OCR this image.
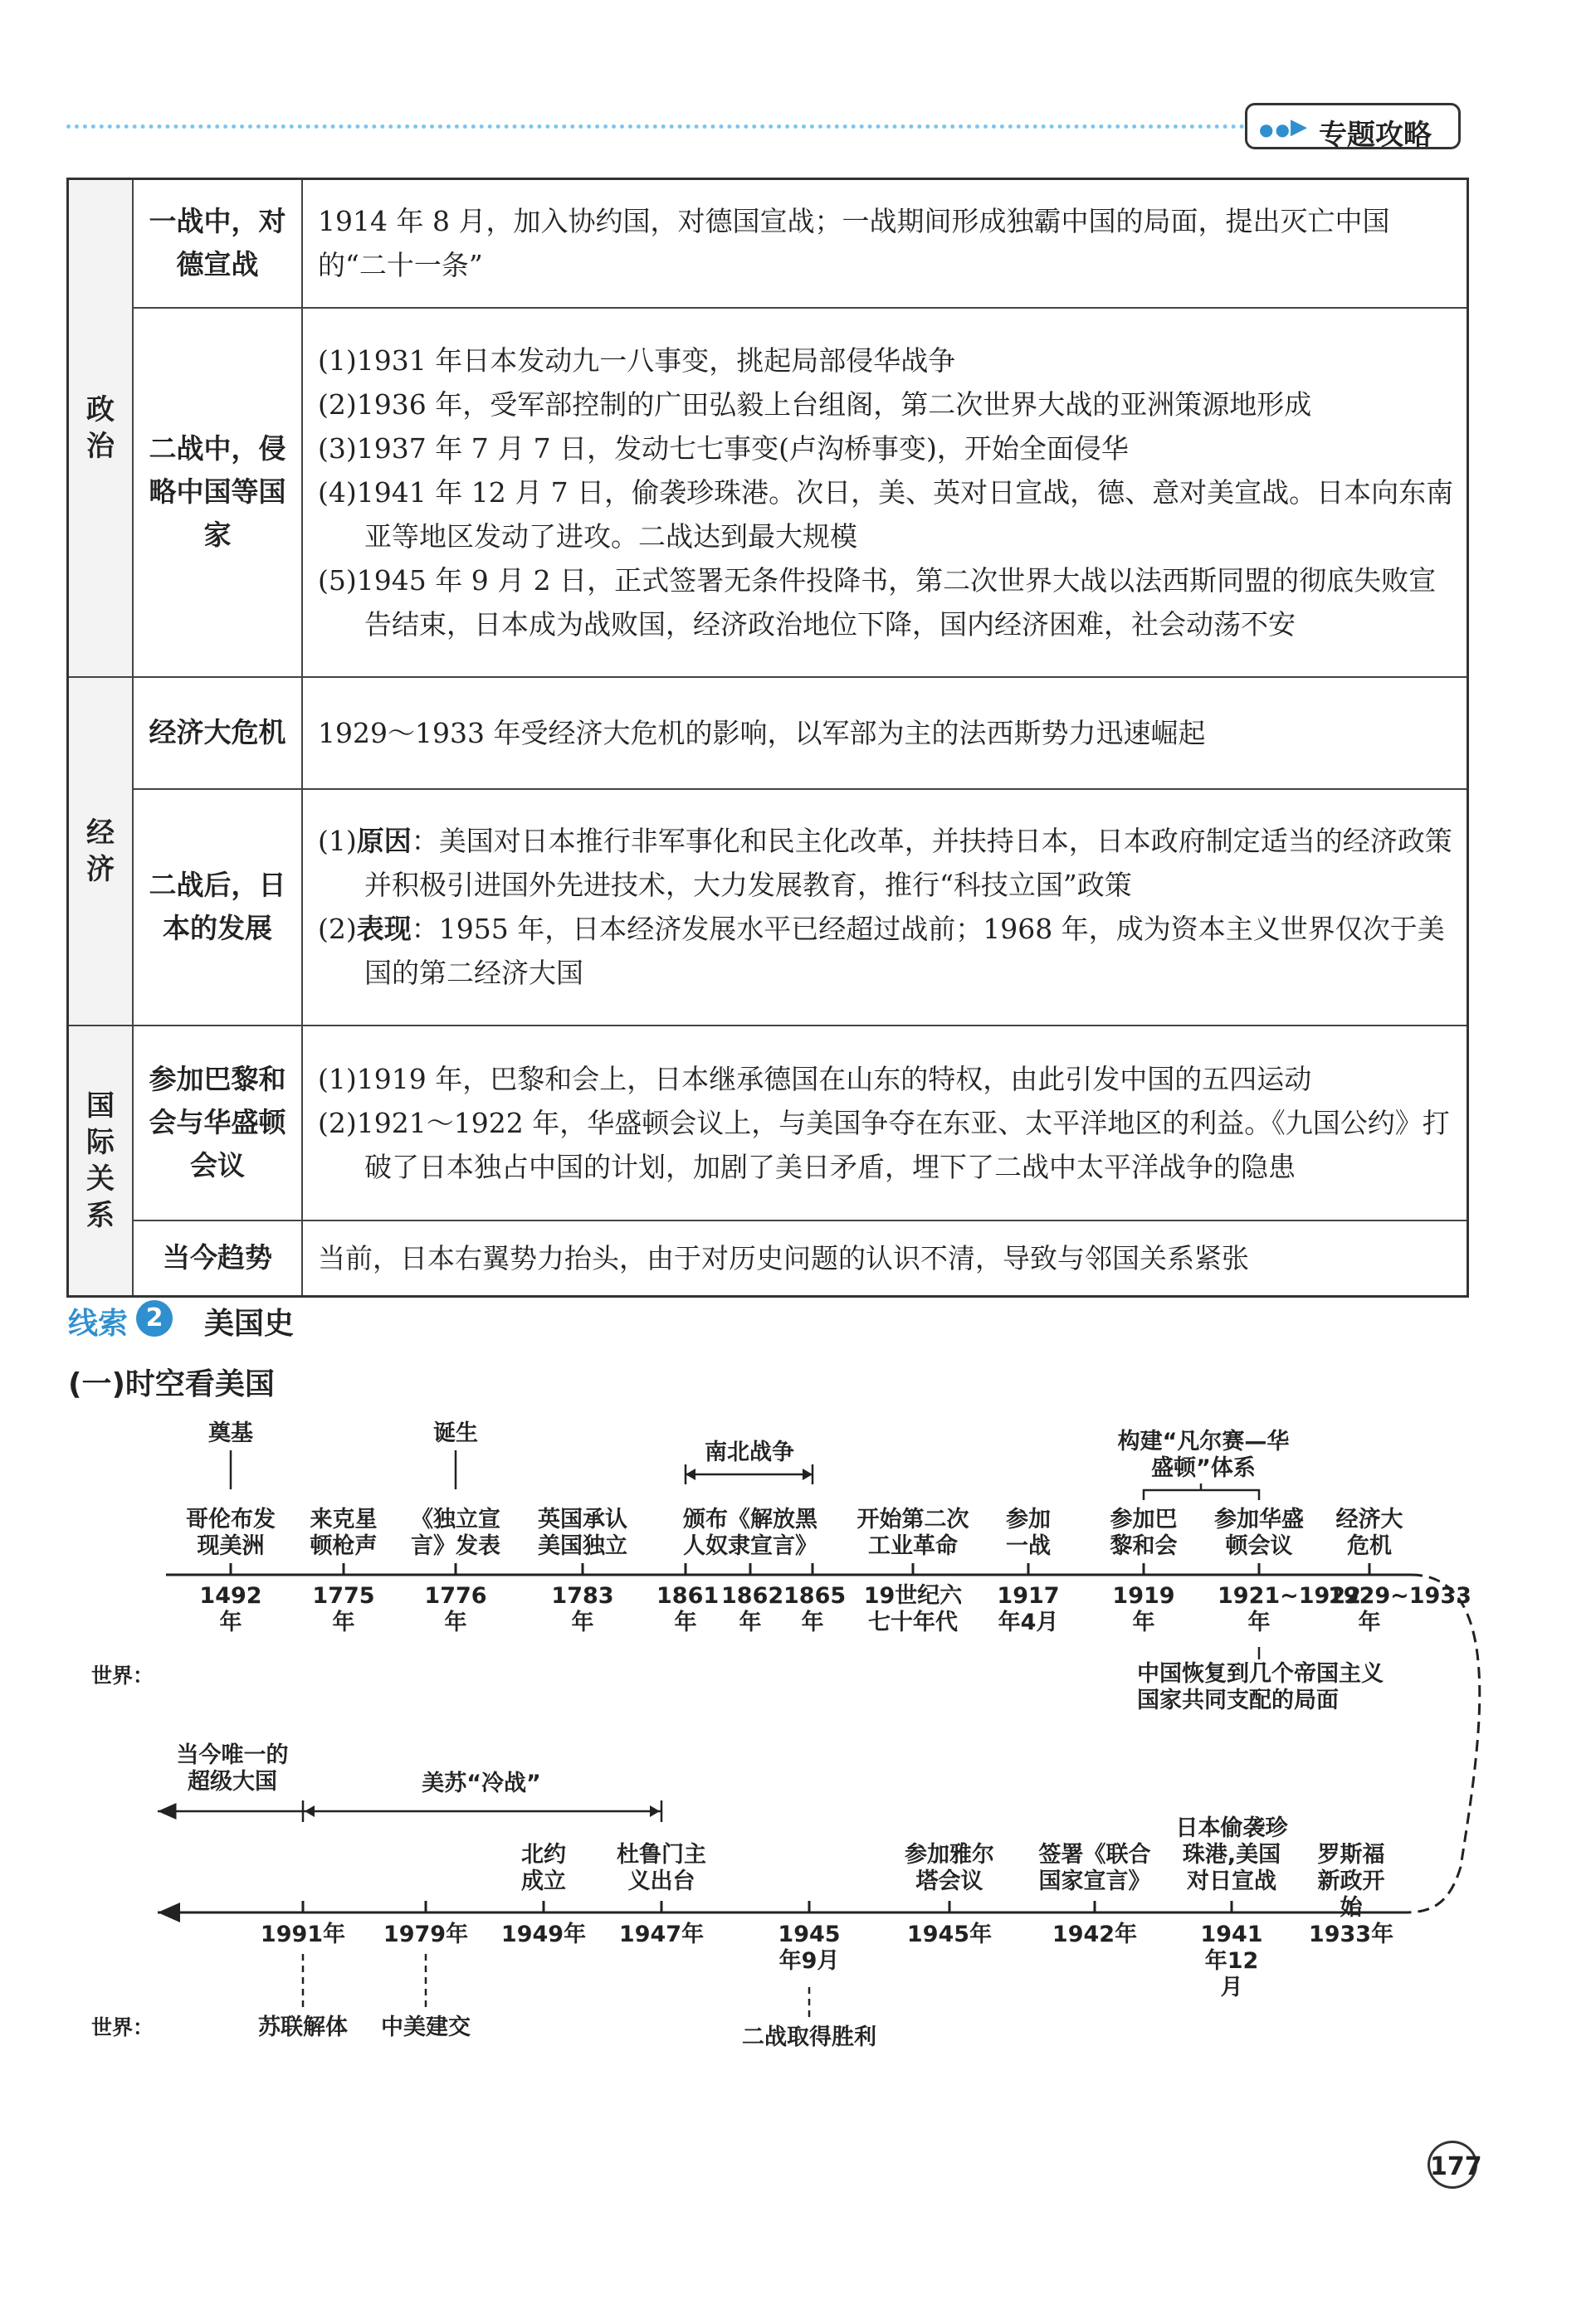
●● ▶ 专题攻略
政治	一战中，对德宣战	1914 年 8 月，加入协约国，对德国宣战；一战期间形成独霸中国的局面，提出灭亡中国的“二十一条”

	二战中，侵略中国等国家	(1)1931 年日本发动九一八事变，挑起局部侵华战争

(2)1936 年，受军部控制的广田弘毅上台组阁，第二次世界大战的亚洲策源地形成

(3)1937 年 7 月 7 日，发动七七事变(卢沟桥事变)，开始全面侵华

(4)1941 年 12 月 7 日，偷袭珍珠港。次日，美、英对日宣战，德、意对美宣战。日本向东南亚等地区发动了进攻。二战达到最大规模

(5)1945 年 9 月 2 日，正式签署无条件投降书，第二次世界大战以法西斯同盟的彻底失败宣告结束，日本成为战败国，经济政治地位下降，国内经济困难，社会动荡不安

经济	经济大危机	1929～1933 年受经济大危机的影响，以军部为主的法西斯势力迅速崛起

	二战后，日本的发展	(1)原因：美国对日本推行非军事化和民主化改革，并扶持日本，日本政府制定适当的经济政策并积极引进国外先进技术，大力发展教育，推行“科技立国”政策

(2)表现：1955 年，日本经济发展水平已经超过战前；1968 年，成为资本主义世界仅次于美国的第二经济大国

国际关系	参加巴黎和会与华盛顿会议	(1)1919 年，巴黎和会上，日本继承德国在山东的特权，由此引发中国的五四运动

(2)1921～1922 年，华盛顿会议上，与美国争夺在东亚、太平洋地区的利益。《九国公约》打破了日本独占中国的计划，加剧了美日矛盾，埋下了二战中太平洋战争的隐患

	当今趋势	当前，日本右翼势力抬头，由于对历史问题的认识不清，导致与邻国关系紧张

线索 2	美国史
(一)时空看美国
奠基	诞生
南北战争	构建“凡尔赛—华盛顿”体系
哥伦布发现美洲
来克星顿枪声
《独立宣言》发表
英国承认美国独立
颁布《解放黑人奴隶宣言》
开始第二次工业革命
参加一战
参加巴黎和会
参加华盛顿会议
经济大危机
1492年
1775年
1776年
1783年
1861年
1862年
1865年
19世纪六七十年代
1917年4月
1919年
1921~1922年
1929~1933年
世界：	中国恢复到几个帝国主义国家共同支配的局面
当今唯一的超级大国	美苏“冷战”
罗斯福新政开始
日本偷袭珍珠港,美国对日宣战
签署《联合国家宣言》
参加雅尔塔会议
杜鲁门主义出台
北约成立
1933年
1941年12月
1942年
1945年
1945年9月
1947年
1949年
1979年
1991年
世界：	苏联解体 中美建交	二战取得胜利
177
